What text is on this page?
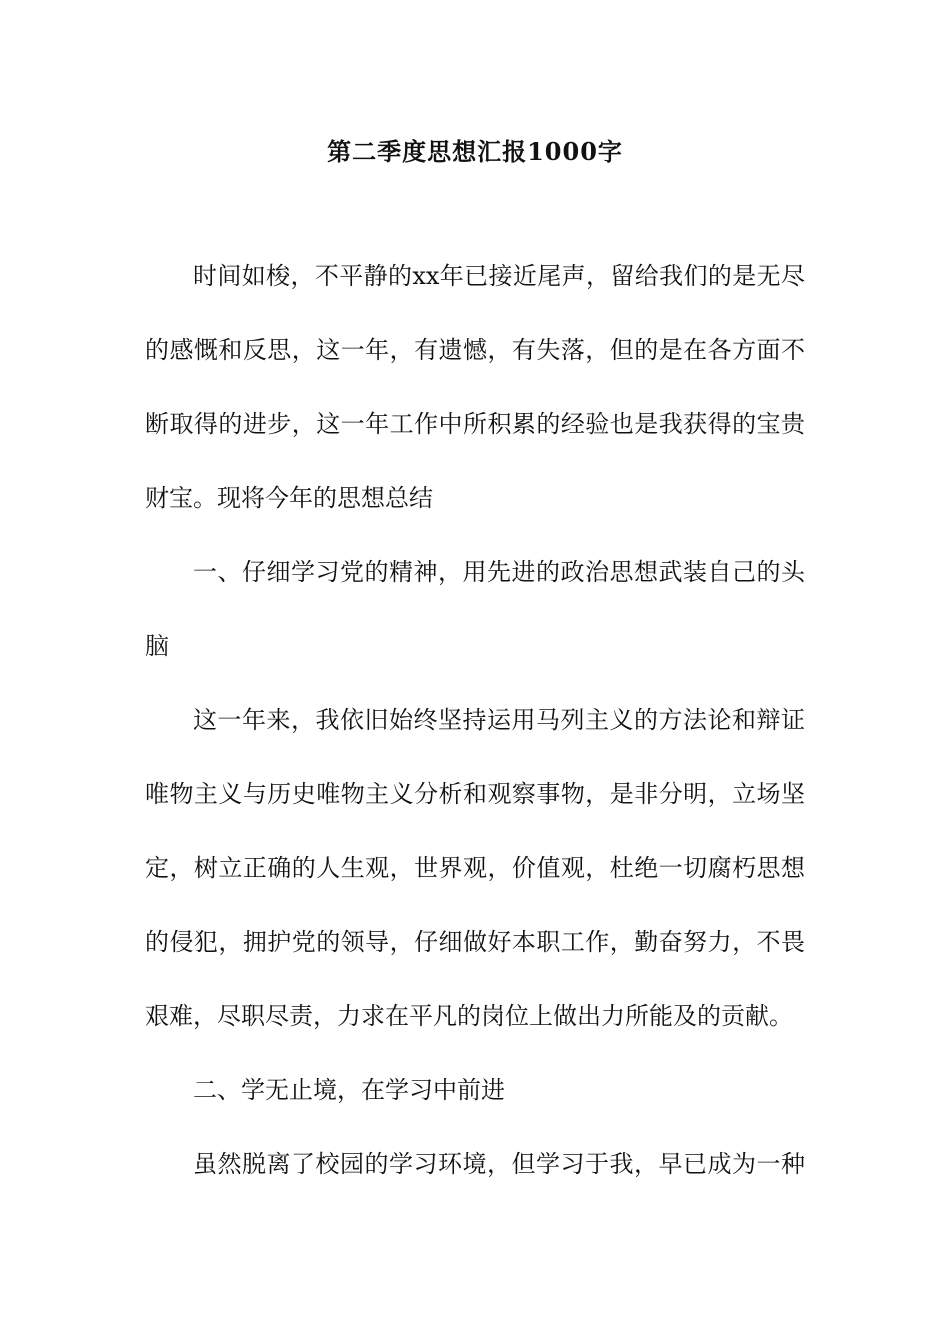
第二季度思想汇报1000字
时间如梭，不平静的xx年已接近尾声，留给我们的是无尽
的感慨和反思，这一年，有遗憾，有失落，但的是在各方面不
断取得的进步，这一年工作中所积累的经验也是我获得的宝贵
财宝。现将今年的思想总结
一、仔细学习党的精神，用先进的政治思想武装自己的头
脑
这一年来，我依旧始终坚持运用马列主义的方法论和辩证
唯物主义与历史唯物主义分析和观察事物，是非分明，立场坚
定，树立正确的人生观，世界观，价值观，杜绝一切腐朽思想
的侵犯，拥护党的领导，仔细做好本职工作，勤奋努力，不畏
艰难，尽职尽责，力求在平凡的岗位上做出力所能及的贡献。
二、学无止境，在学习中前进
虽然脱离了校园的学习环境，但学习于我，早已成为一种
